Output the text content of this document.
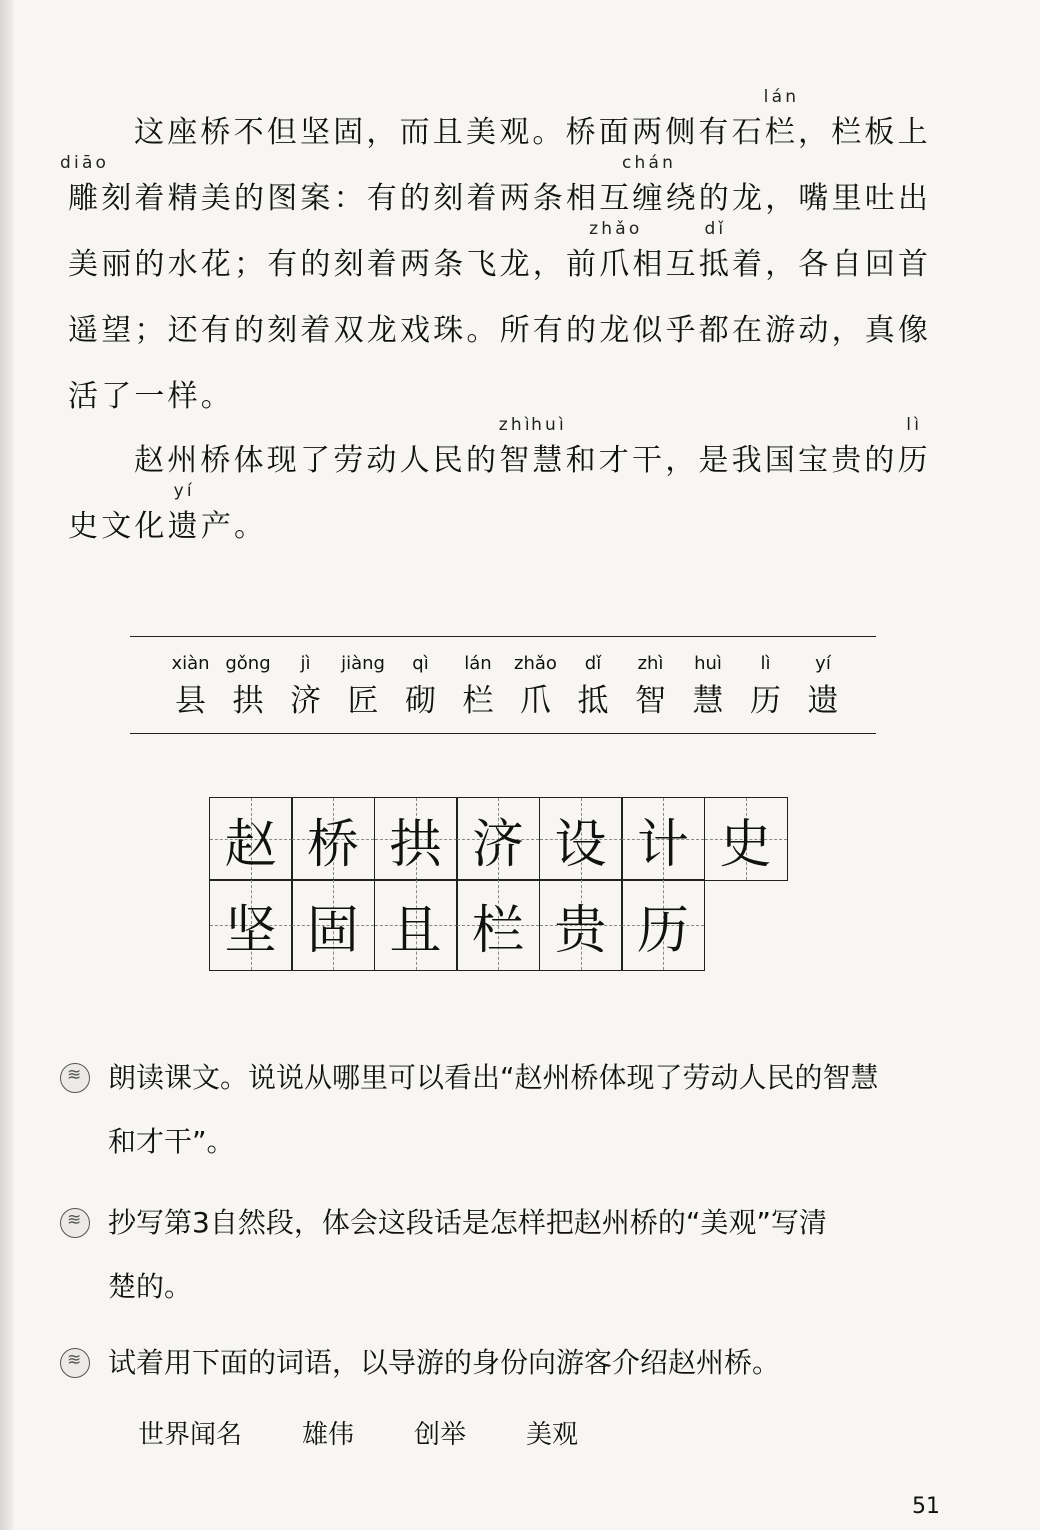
这座桥不但坚固，而且美观。桥面两侧有石
lán
栏，栏板上
diāo
雕刻着精美的图案：有的刻着两条相互
chán
缠绕的龙，嘴里吐出
美丽的水花；有的刻着两条飞龙，前
zhǎo
爪相互
dǐ
抵着，各自回首
遥望；还有的刻着双龙戏珠。所有的龙似乎都在游动，真像
活了一样。
赵州桥体现了劳动人民的
zhì
智
huì
慧和才干，是我国宝贵的
lì
历
史文化
yí
遗产。
xiàn
县
gǒng
拱
jì
济
jiàng
匠
qì
砌
lán
栏
zhǎo
爪
dǐ
抵
zhì
智
huì
慧
lì
历
yí
遗
赵 桥 拱 济 设 计 史
坚 固 且 栏 贵 历
≋
朗读课文。说说从哪里可以看出“赵州桥体现了劳动人民的智慧
和才干”。
≋
抄写第3自然段，体会这段话是怎样把赵州桥的“美观”写清
楚的。
≋
试着用下面的词语，以导游的身份向游客介绍赵州桥。
世界闻名 雄伟 创举 美观
51
